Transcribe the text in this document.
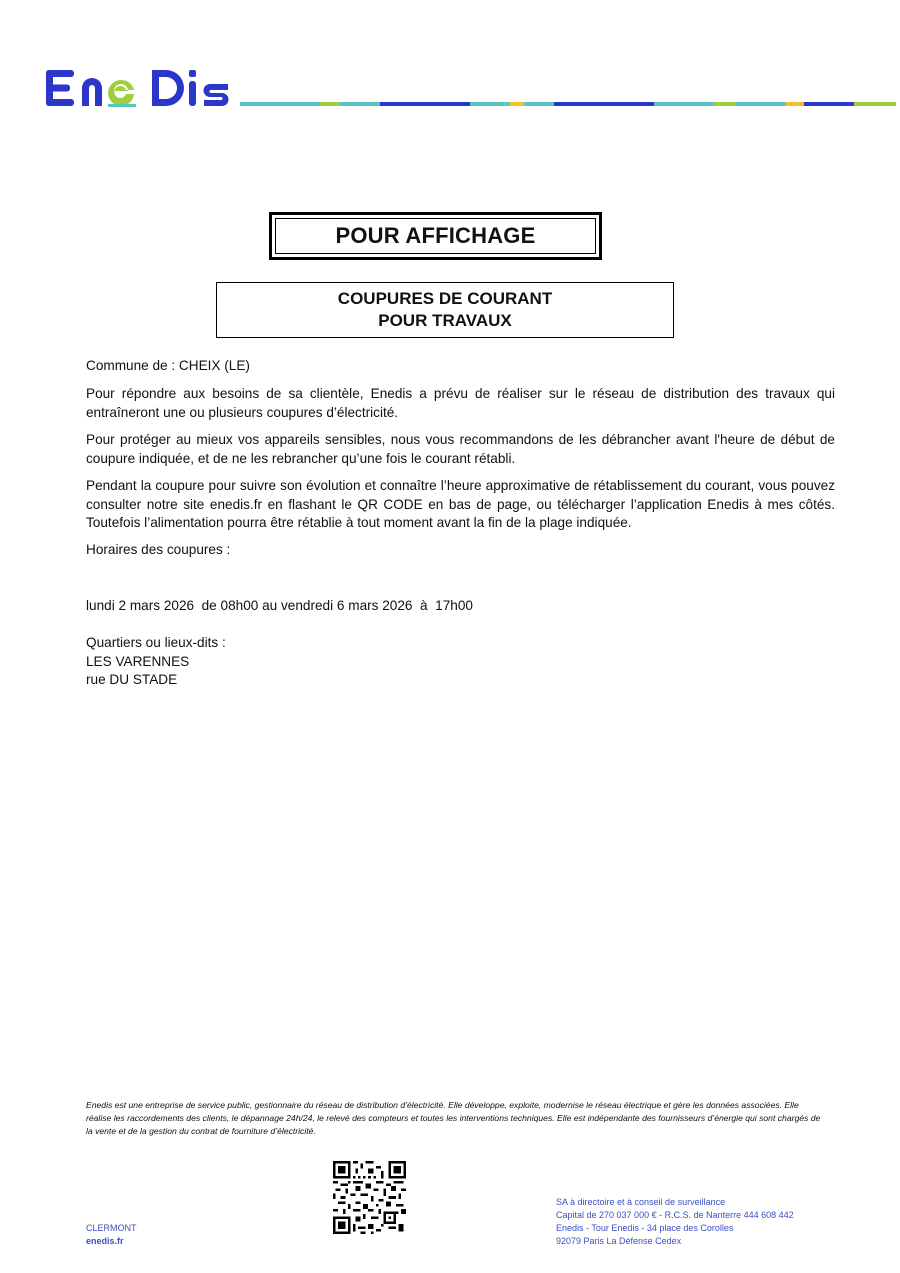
POUR AFFICHAGE
COUPURES DE COURANT
POUR TRAVAUX

Commune de : CHEIX (LE)

Pour répondre aux besoins de sa clientèle, Enedis a prévu de réaliser sur le réseau de distribution des travaux qui entraîneront une ou plusieurs coupures d’électricité.

Pour protéger au mieux vos appareils sensibles, nous vous recommandons de les débrancher avant l'heure de début de coupure indiquée, et de ne les rebrancher qu’une fois le courant rétabli.

Pendant la coupure pour suivre son évolution et connaître l’heure approximative de rétablissement du courant, vous pouvez consulter notre site enedis.fr en flashant le QR CODE en bas de page, ou télécharger l’application Enedis à mes côtés. Toutefois l’alimentation pourra être rétablie à tout moment avant la fin de la plage indiquée.

Horaires des coupures :

lundi 2 mars 2026  de 08h00 au vendredi 6 mars 2026  à  17h00

Quartiers ou lieux-dits :

LES VARENNES

rue DU STADE

Enedis est une entreprise de service public, gestionnaire du réseau de distribution d’électricité. Elle développe, exploite, modernise le réseau électrique et gère les données associées. Elle réalise les raccordements des clients, le dépannage 24h/24, le relevé des compteurs et toutes les interventions techniques. Elle est indépendante des fournisseurs d’énergie qui sont chargés de la vente et de la gestion du contrat de fourniture d’électricité.
CLERMONT
enedis.fr
SA à directoire et à conseil de surveillance
Capital de 270 037 000 € - R.C.S. de Nanterre 444 608 442
Enedis - Tour Enedis - 34 place des Corolles
92079 Paris La Défense Cedex
